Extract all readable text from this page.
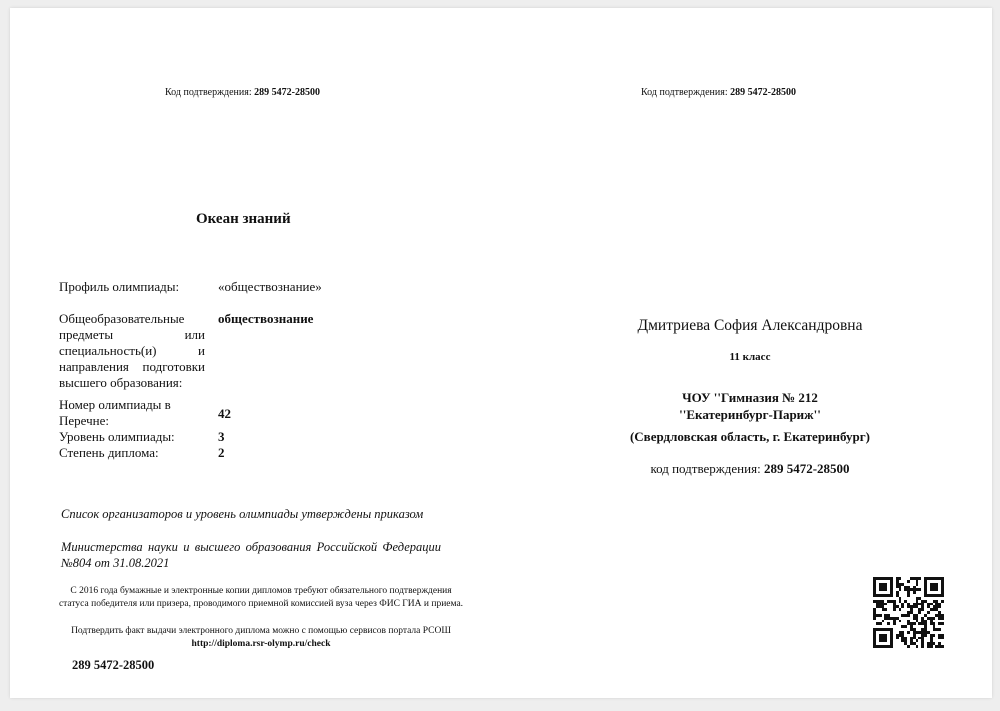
Код подтверждения: 289 5472-28500
Океан знаний
Профиль олимпиады:	«обществознание»
Общеобразовательные предметы или специальность(и) и направления подготовки высшего образования:
обществознание
Номер олимпиады в Перечне:	42
Уровень олимпиады:	3
Степень диплома:	2
Список организаторов и уровень олимпиады утверждены приказом
Министерства науки и высшего образования Российской Федерации №804 от 31.08.2021
С 2016 года бумажные и электронные копии дипломов требуют обязательного подтверждения статуса победителя или призера, проводимого приемной комиссией вуза через ФИС ГИА и приема.
Подтвердить факт выдачи электронного диплома можно с помощью сервисов портала РСОШ http://diploma.rsr-olymp.ru/check
289 5472-28500
Код подтверждения: 289 5472-28500
Дмитриева София Александровна
11 класс
ЧОУ ''Гимназия № 212
''Екатеринбург-Париж''
(Свердловская область, г. Екатеринбург)
код подтверждения: 289 5472-28500
